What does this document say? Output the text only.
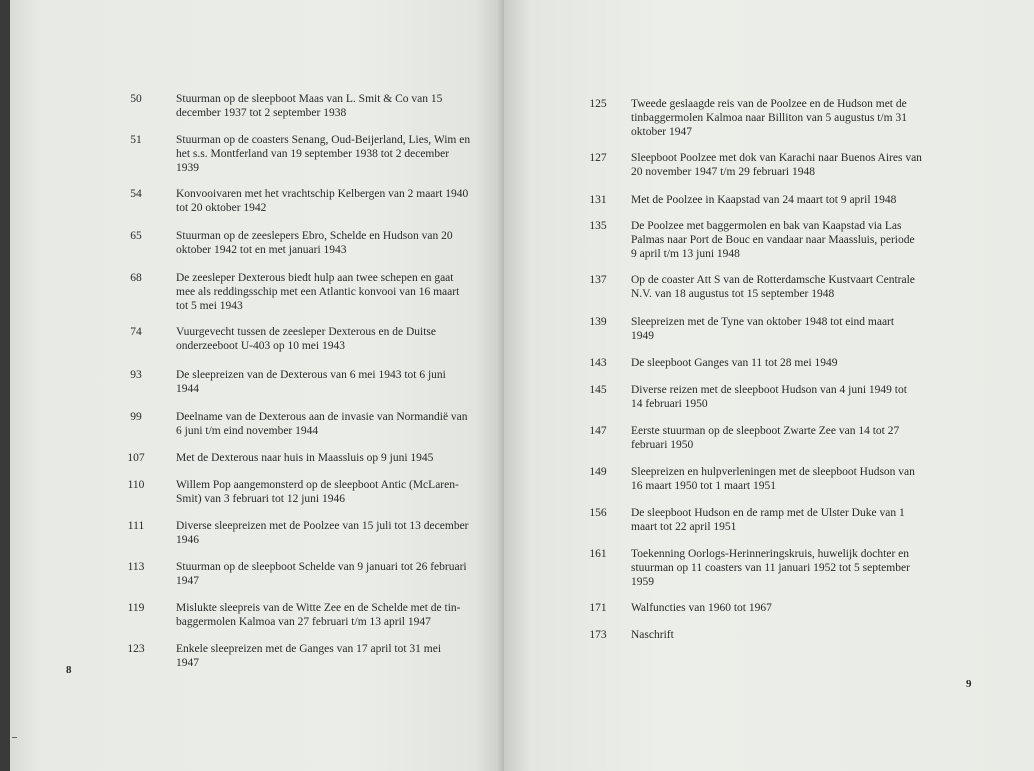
50	Stuurman op de sleepboot Maas van L. Smit & Co van 15
december 1937 tot 2 september 1938
51	Stuurman op de coasters Senang, Oud-Beijerland, Lies, Wim en
het s.s. Montferland van 19 september 1938 tot 2 december
1939
54	Konvooivaren met het vrachtschip Kelbergen van 2 maart 1940
tot 20 oktober 1942
65	Stuurman op de zeeslepers Ebro, Schelde en Hudson van 20
oktober 1942 tot en met januari 1943
68	De zeesleper Dexterous biedt hulp aan twee schepen en gaat
mee als reddingsschip met een Atlantic konvooi van 16 maart
tot 5 mei 1943
74	Vuurgevecht tussen de zeesleper Dexterous en de Duitse
onderzeeboot U-403 op 10 mei 1943
93	De sleepreizen van de Dexterous van 6 mei 1943 tot 6 juni
1944
99	Deelname van de Dexterous aan de invasie van Normandië van
6 juni t/m eind november 1944
107	Met de Dexterous naar huis in Maassluis op 9 juni 1945
110	Willem Pop aangemonsterd op de sleepboot Antic (McLaren-
Smit) van 3 februari tot 12 juni 1946
111	Diverse sleepreizen met de Poolzee van 15 juli tot 13 december
1946
113	Stuurman op de sleepboot Schelde van 9 januari tot 26 februari
1947
119	Mislukte sleepreis van de Witte Zee en de Schelde met de tin-
baggermolen Kalmoa van 27 februari t/m 13 april 1947
123	Enkele sleepreizen met de Ganges van 17 april tot 31 mei
1947
8
125	Tweede geslaagde reis van de Poolzee en de Hudson met de
tinbaggermolen Kalmoa naar Billiton van 5 augustus t/m 31
oktober 1947
127	Sleepboot Poolzee met dok van Karachi naar Buenos Aires van
20 november 1947 t/m 29 februari 1948
131	Met de Poolzee in Kaapstad van 24 maart tot 9 april 1948
135	De Poolzee met baggermolen en bak van Kaapstad via Las
Palmas naar Port de Bouc en vandaar naar Maassluis, periode
9 april t/m 13 juni 1948
137	Op de coaster Att S van de Rotterdamsche Kustvaart Centrale
N.V. van 18 augustus tot 15 september 1948
139	Sleepreizen met de Tyne van oktober 1948 tot eind maart
1949
143	De sleepboot Ganges van 11 tot 28 mei 1949
145	Diverse reizen met de sleepboot Hudson van 4 juni 1949 tot
14 februari 1950
147	Eerste stuurman op de sleepboot Zwarte Zee van 14 tot 27
februari 1950
149	Sleepreizen en hulpverleningen met de sleepboot Hudson van
16 maart 1950 tot 1 maart 1951
156	De sleepboot Hudson en de ramp met de Ulster Duke van 1
maart tot 22 april 1951
161	Toekenning Oorlogs-Herinneringskruis, huwelijk dochter en
stuurman op 11 coasters van 11 januari 1952 tot 5 september
1959
171	Walfuncties van 1960 tot 1967
173	Naschrift
9
